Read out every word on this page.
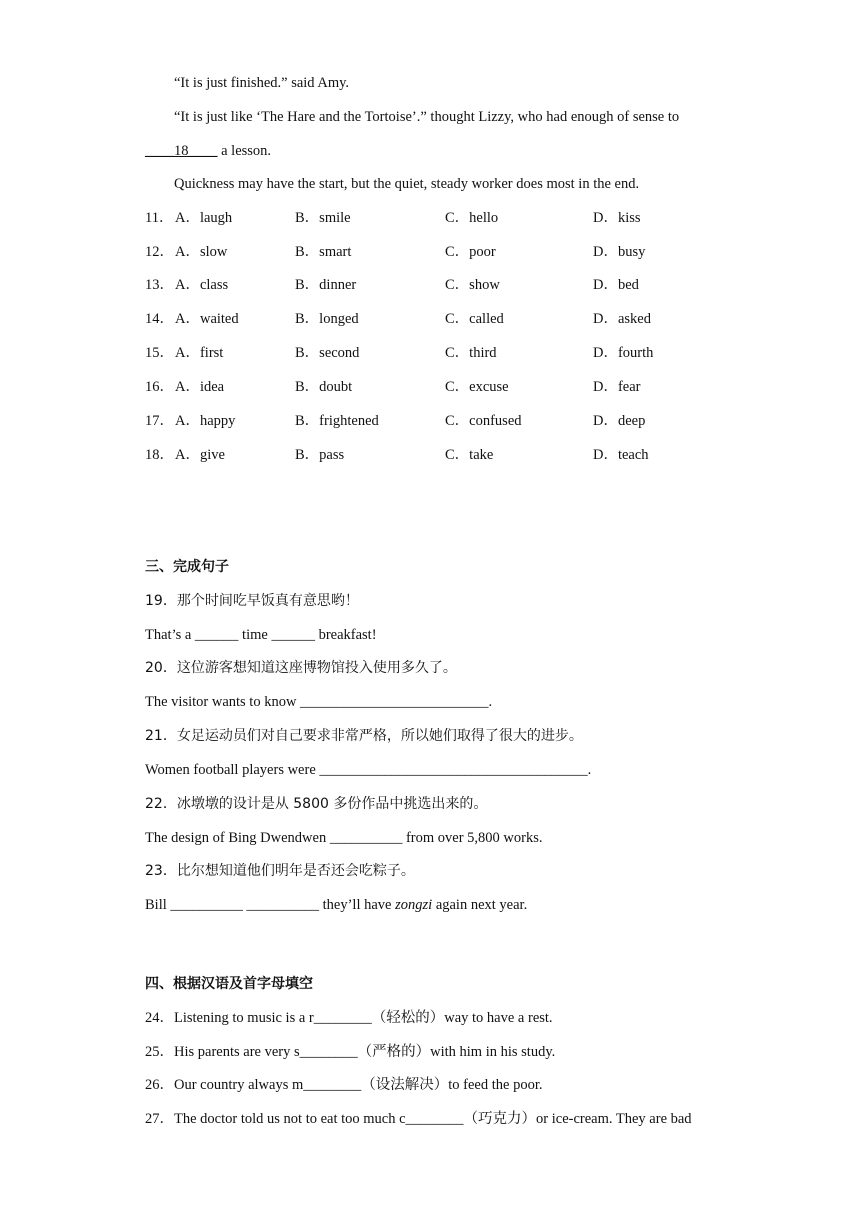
“It is just finished.” said Amy.
“It is just like ‘The Hare and the Tortoise’.” thought Lizzy, who had enough of sense to
____18____ a lesson.
Quickness may have the start, but the quiet, steady worker does most in the end.
11． A．laugh	B．smile	C．hello	D．kiss
12． A．slow	B．smart	C．poor	D．busy
13． A．class	B．dinner	C．show	D．bed
14． A．waited	B．longed	C．called	D．asked
15． A．first	B．second	C．third	D．fourth
16． A．idea	B．doubt	C．excuse	D．fear
17． A．happy	B．frightened	C．confused	D．deep
18． A．give	B．pass	C．take	D．teach
三、完成句子
19．那个时间吃早饭真有意思哟！
That’s a ______ time ______ breakfast!
20．这位游客想知道这座博物馆投入使用多久了。
The visitor wants to know __________________________.
21．女足运动员们对自己要求非常严格，所以她们取得了很大的进步。
Women football players were _____________________________________.
22．冰墩墩的设计是从 5800 多份作品中挑选出来的。
The design of Bing Dwendwen __________ from over 5,800 works.
23．比尔想知道他们明年是否还会吃粽子。
Bill __________ __________ they’ll have zongzi again next year.
四、根据汉语及首字母填空
24．Listening to music is a r________（轻松的）way to have a rest.
25．His parents are very s________（严格的）with him in his study.
26．Our country always m________（设法解决）to feed the poor.
27．The doctor told us not to eat too much c________（巧克力）or ice-cream. They are bad
